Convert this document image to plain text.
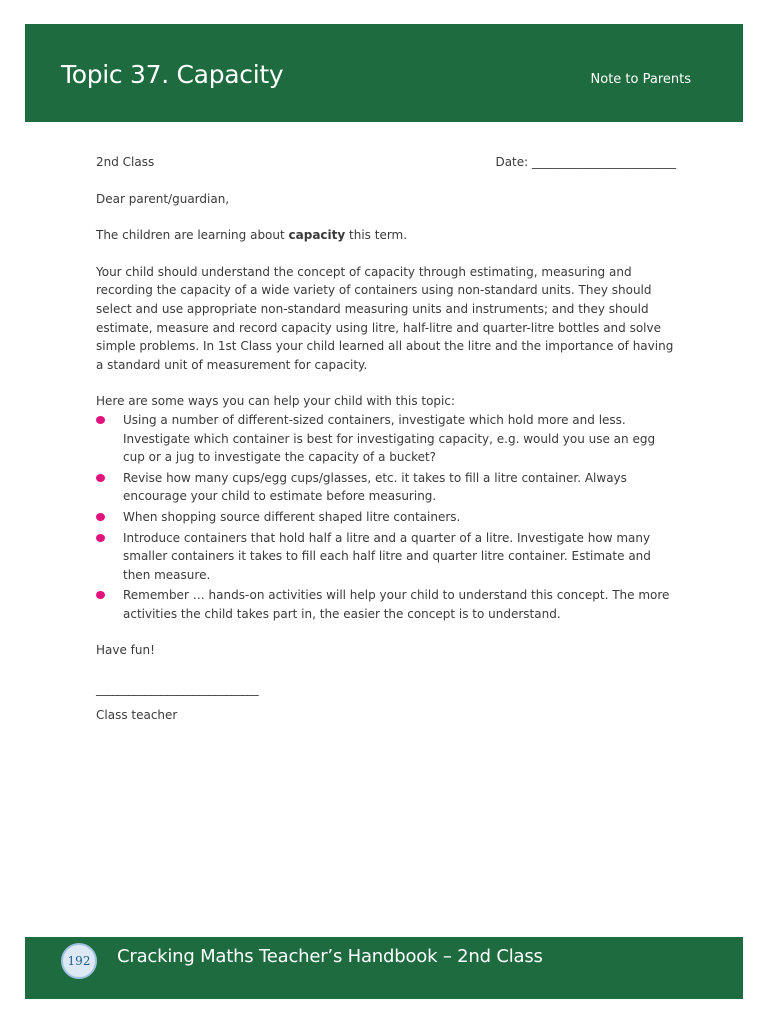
Topic 37. Capacity	Note to Parents
2nd Class	Date: ________________________

Dear parent/guardian,

The children are learning about capacity this term.

Your child should understand the concept of capacity through estimating, measuring and recording the capacity of a wide variety of containers using non-standard units. They should select and use appropriate non-standard measuring units and instruments; and they should estimate, measure and record capacity using litre, half-litre and quarter-litre bottles and solve simple problems. In 1st Class your child learned all about the litre and the importance of having a standard unit of measurement for capacity.

Here are some ways you can help your child with this topic:

Using a number of different-sized containers, investigate which hold more and less. Investigate which container is best for investigating capacity, e.g. would you use an egg cup or a jug to investigate the capacity of a bucket?
Revise how many cups/egg cups/glasses, etc. it takes to fill a litre container. Always encourage your child to estimate before measuring.
When shopping source different shaped litre containers.
Introduce containers that hold half a litre and a quarter of a litre. Investigate how many smaller containers it takes to fill each half litre and quarter litre container. Estimate and then measure.
Remember … hands-on activities will help your child to understand this concept. The more activities the child takes part in, the easier the concept is to understand.

Have fun!

______________________________
Class teacher
192 Cracking Maths Teacher’s Handbook – 2nd Class
